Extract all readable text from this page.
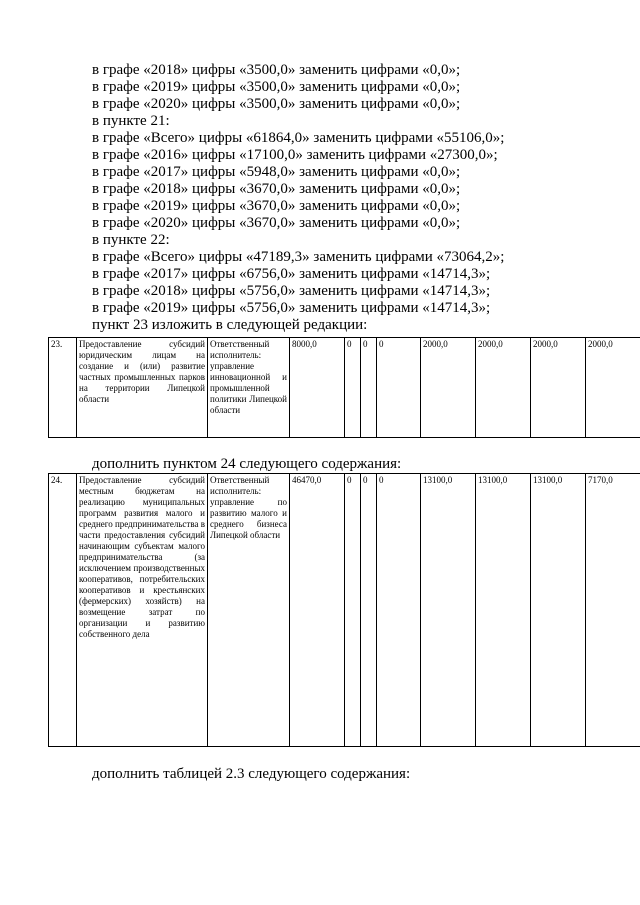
в графе «2018» цифры «3500,0» заменить цифрами «0,0»;
в графе «2019» цифры «3500,0» заменить цифрами «0,0»;
в графе «2020» цифры «3500,0» заменить цифрами «0,0»;
в пункте 21:
в графе «Всего» цифры «61864,0» заменить цифрами «55106,0»;
в графе «2016» цифры «17100,0» заменить цифрами «27300,0»;
в графе «2017» цифры «5948,0» заменить цифрами «0,0»;
в графе «2018» цифры «3670,0» заменить цифрами «0,0»;
в графе «2019» цифры «3670,0» заменить цифрами «0,0»;
в графе «2020» цифры «3670,0» заменить цифрами «0,0»;
в пункте 22:
в графе «Всего» цифры «47189,3» заменить цифрами «73064,2»;
в графе «2017» цифры «6756,0» заменить цифрами «14714,3»;
в графе «2018» цифры «5756,0» заменить цифрами «14714,3»;
в графе «2019» цифры «5756,0» заменить цифрами «14714,3»;
пункт 23 изложить в следующей редакции:
23.	Предоставление субсидий юридическим лицам на создание и (или) развитие частных промышленных парков на территории Липецкой области	Ответственный исполнитель: управление инновационной и промышленной политики Липецкой области	8000,0	0	0	0	2000,0	2000,0	2000,0	2000,0
дополнить пунктом 24 следующего содержания:
24.	Предоставление субсидий местным бюджетам на реализацию муниципальных программ развития малого и среднего предпринимательства в части предоставления субсидий начинающим субъектам малого предпринимательства (за исключением производственных кооперативов, потребительских кооперативов и крестьянских (фермерских) хозяйств) на возмещение затрат по организации и развитию собственного дела	Ответственный исполнитель: управление по развитию малого и среднего бизнеса Липецкой области	46470,0	0	0	0	13100,0	13100,0	13100,0	7170,0
дополнить таблицей 2.3 следующего содержания:
